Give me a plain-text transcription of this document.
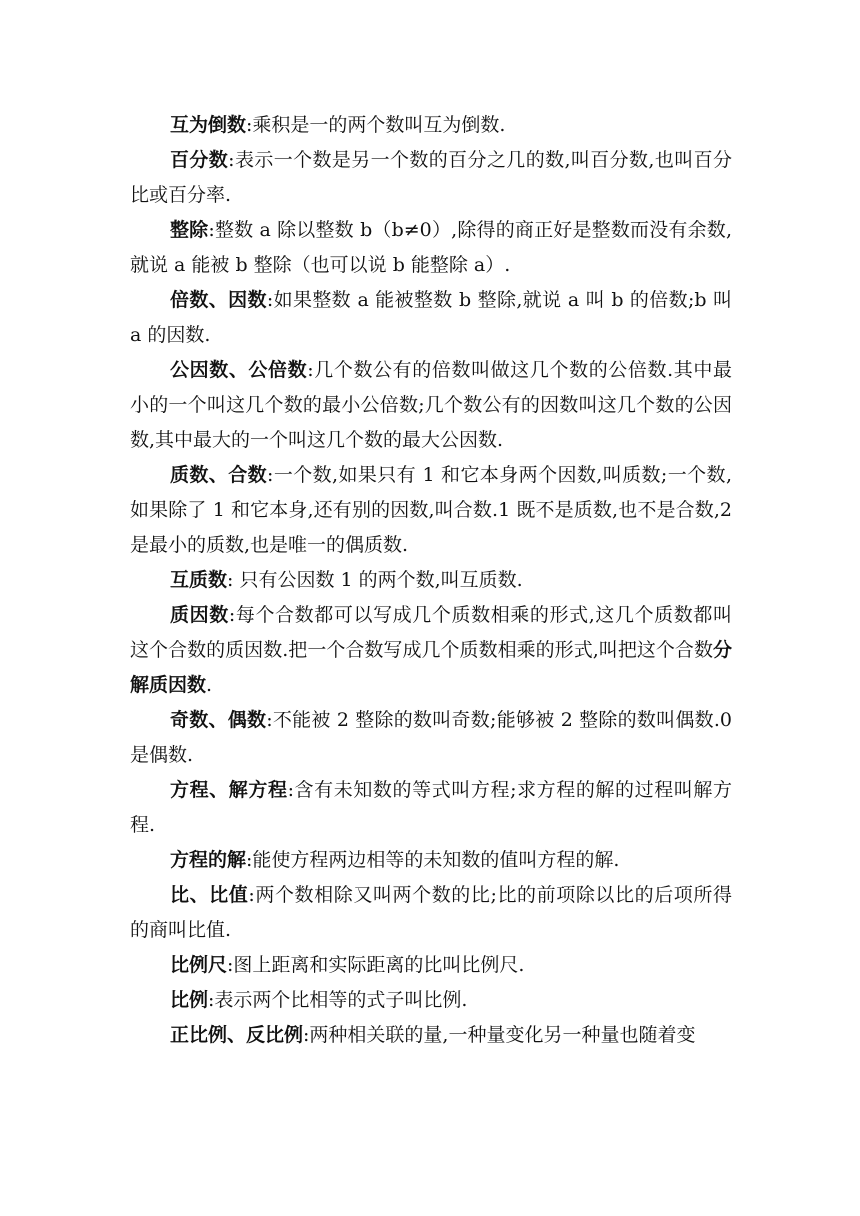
互为倒数:乘积是一的两个数叫互为倒数.

百分数:表示一个数是另一个数的百分之几的数,叫百分数,也叫百分比或百分率.

整除:整数 a 除以整数 b（b≠0）,除得的商正好是整数而没有余数,就说 a 能被 b 整除（也可以说 b 能整除 a）.

倍数、因数:如果整数 a 能被整数 b 整除,就说 a 叫 b 的倍数;b 叫 a 的因数.

公因数、公倍数:几个数公有的倍数叫做这几个数的公倍数.其中最小的一个叫这几个数的最小公倍数;几个数公有的因数叫这几个数的公因数,其中最大的一个叫这几个数的最大公因数.

质数、合数:一个数,如果只有 1 和它本身两个因数,叫质数;一个数,如果除了 1 和它本身,还有别的因数,叫合数.1 既不是质数,也不是合数,2 是最小的质数,也是唯一的偶质数.

互质数: 只有公因数 1 的两个数,叫互质数.

质因数:每个合数都可以写成几个质数相乘的形式,这几个质数都叫这个合数的质因数.把一个合数写成几个质数相乘的形式,叫把这个合数分解质因数.

奇数、偶数:不能被 2 整除的数叫奇数;能够被 2 整除的数叫偶数.0 是偶数.

方程、解方程:含有未知数的等式叫方程;求方程的解的过程叫解方程.

方程的解:能使方程两边相等的未知数的值叫方程的解.

比、比值:两个数相除又叫两个数的比;比的前项除以比的后项所得的商叫比值.

比例尺:图上距离和实际距离的比叫比例尺.

比例:表示两个比相等的式子叫比例.

正比例、反比例:两种相关联的量,一种量变化另一种量也随着变
